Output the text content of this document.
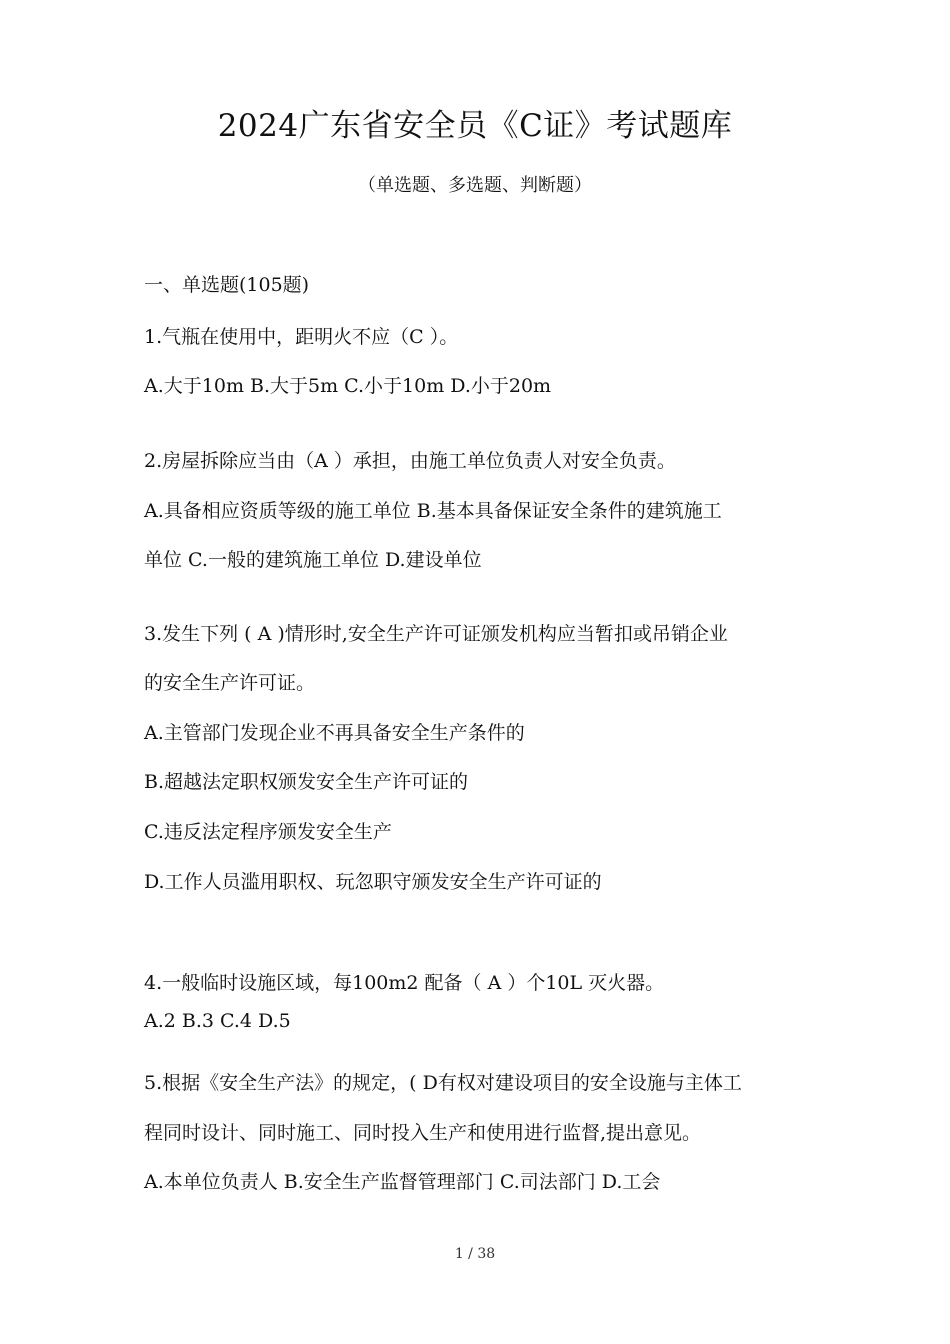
2024广东省安全员《C证》考试题库
（单选题、多选题、判断题）
一、单选题(105题)
1.气瓶在使用中，距明火不应（C ）。
A.大于10m B.大于5m C.小于10m D.小于20m
2.房屋拆除应当由（A ）承担，由施工单位负责人对安全负责。
A.具备相应资质等级的施工单位 B.基本具备保证安全条件的建筑施工
单位 C.一般的建筑施工单位 D.建设单位
3.发生下列 ( A )情形时,安全生产许可证颁发机构应当暂扣或吊销企业
的安全生产许可证。
A.主管部门发现企业不再具备安全生产条件的
B.超越法定职权颁发安全生产许可证的
C.违反法定程序颁发安全生产
D.工作人员滥用职权、玩忽职守颁发安全生产许可证的
4.一般临时设施区域，每100m2 配备（ A ）个10L 灭火器。
A.2 B.3 C.4 D.5
5.根据《安全生产法》的规定，( D有权对建设项目的安全设施与主体工
程同时设计、同时施工、同时投入生产和使用进行监督,提出意见。
A.本单位负责人 B.安全生产监督管理部门 C.司法部门 D.工会
1 / 38
